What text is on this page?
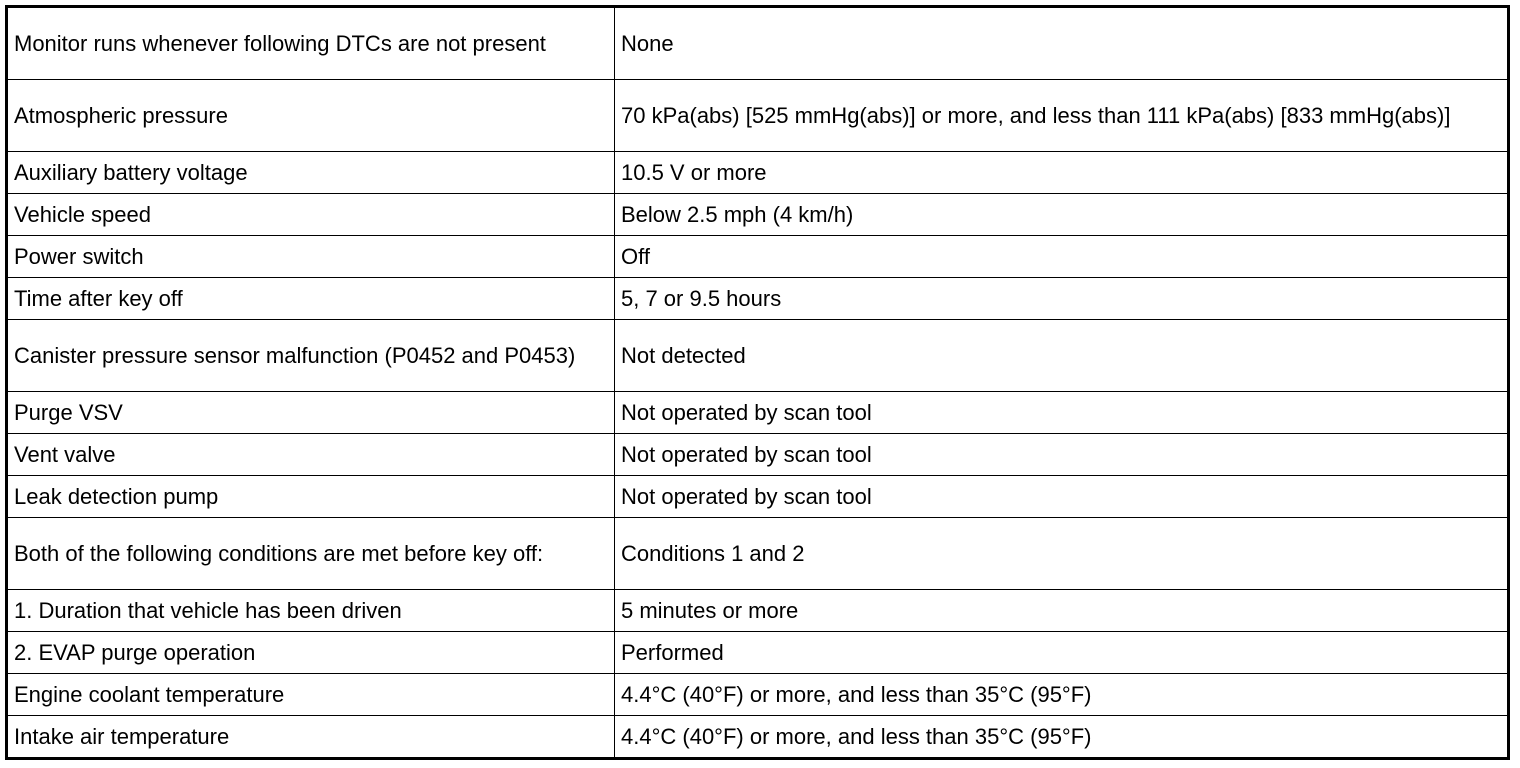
Monitor runs whenever following DTCs are not present	None
Atmospheric pressure	70 kPa(abs) [525 mmHg(abs)] or more, and less than 111 kPa(abs) [833 mmHg(abs)]
Auxiliary battery voltage	10.5 V or more
Vehicle speed	Below 2.5 mph (4 km/h)
Power switch	Off
Time after key off	5, 7 or 9.5 hours
Canister pressure sensor malfunction (P0452 and P0453)	Not detected
Purge VSV	Not operated by scan tool
Vent valve	Not operated by scan tool
Leak detection pump	Not operated by scan tool
Both of the following conditions are met before key off:	Conditions 1 and 2
1. Duration that vehicle has been driven	5 minutes or more
2. EVAP purge operation	Performed
Engine coolant temperature	4.4°C (40°F) or more, and less than 35°C (95°F)
Intake air temperature	4.4°C (40°F) or more, and less than 35°C (95°F)
